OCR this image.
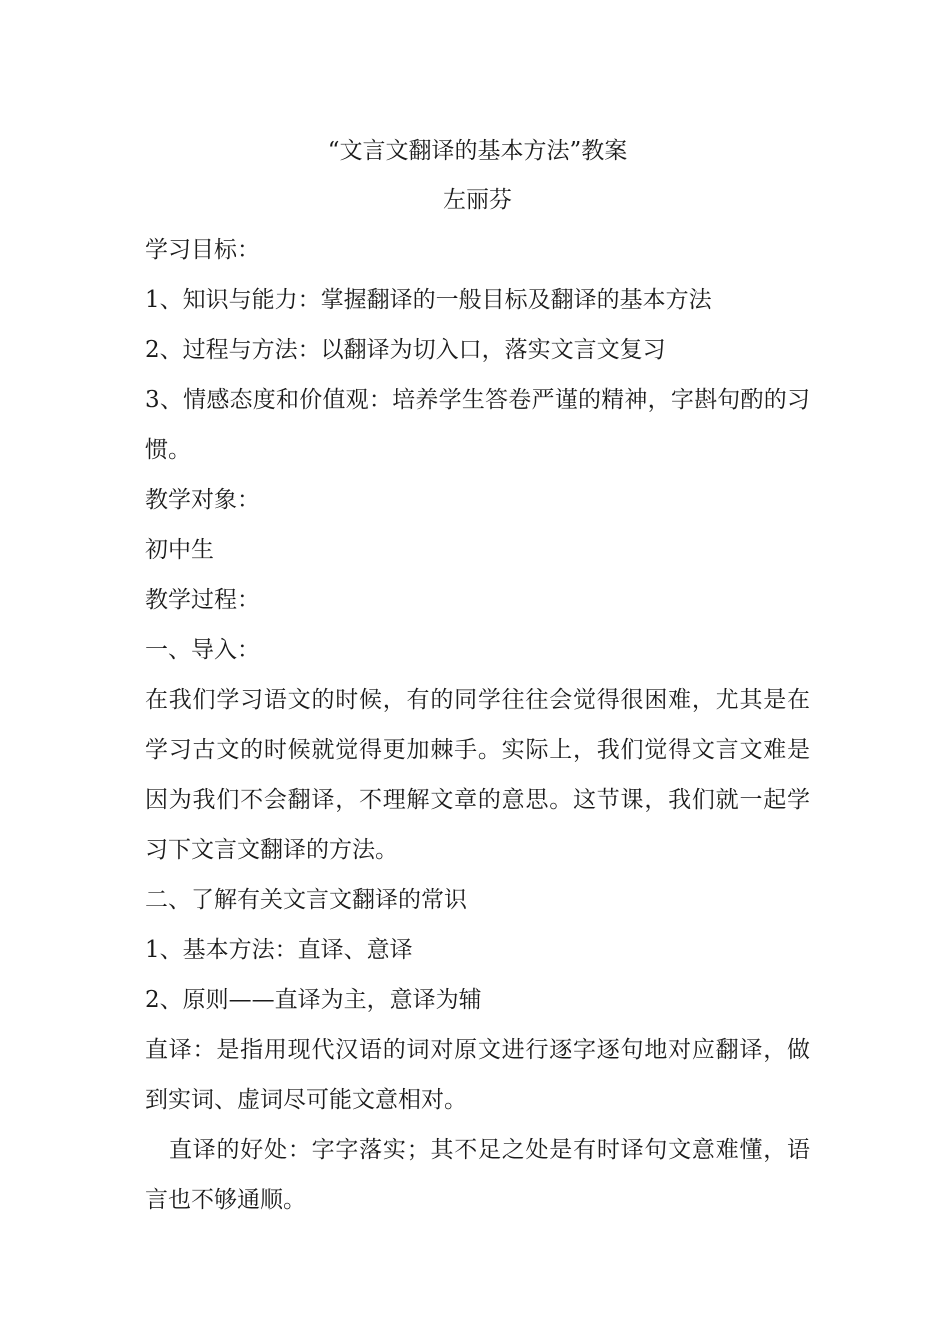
“文言文翻译的基本方法”教案

左丽芬

学习目标：

1、知识与能力：掌握翻译的一般目标及翻译的基本方法

2、过程与方法：以翻译为切入口，落实文言文复习

3、情感态度和价值观：培养学生答卷严谨的精神，字斟句酌的习惯。

教学对象：

初中生

教学过程：

一、导入：

在我们学习语文的时候，有的同学往往会觉得很困难，尤其是在学习古文的时候就觉得更加棘手。实际上，我们觉得文言文难是因为我们不会翻译，不理解文章的意思。这节课，我们就一起学习下文言文翻译的方法。

二、了解有关文言文翻译的常识

1、基本方法：直译、意译

2、原则——直译为主，意译为辅

直译：是指用现代汉语的词对原文进行逐字逐句地对应翻译，做到实词、虚词尽可能文意相对。

直译的好处：字字落实；其不足之处是有时译句文意难懂，语言也不够通顺。
